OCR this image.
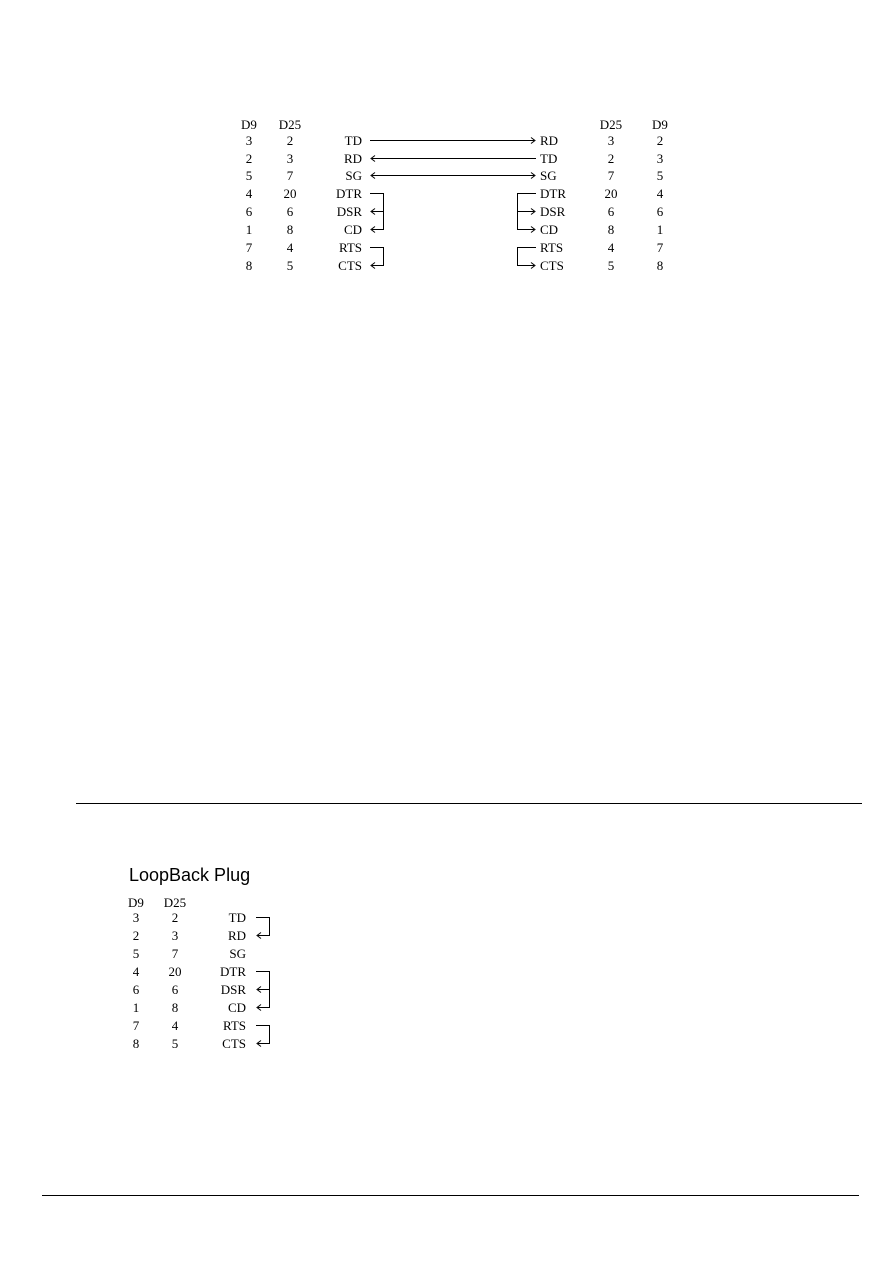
D9	D25	D25	D9
3	2	TD	RD	3	2
2	3	RD	TD	2	3
5	7	SG	SG	7	5
4	20	DTR	DTR	20	4
6	6	DSR	DSR	6	6
1	8	CD	CD	8	1
7	4	RTS	RTS	4	7
8	5	CTS	CTS	5	8
LoopBack Plug
D9	D25
3	2	TD
2	3	RD
5	7	SG
4	20	DTR
6	6	DSR
1	8	CD
7	4	RTS
8	5	CTS
